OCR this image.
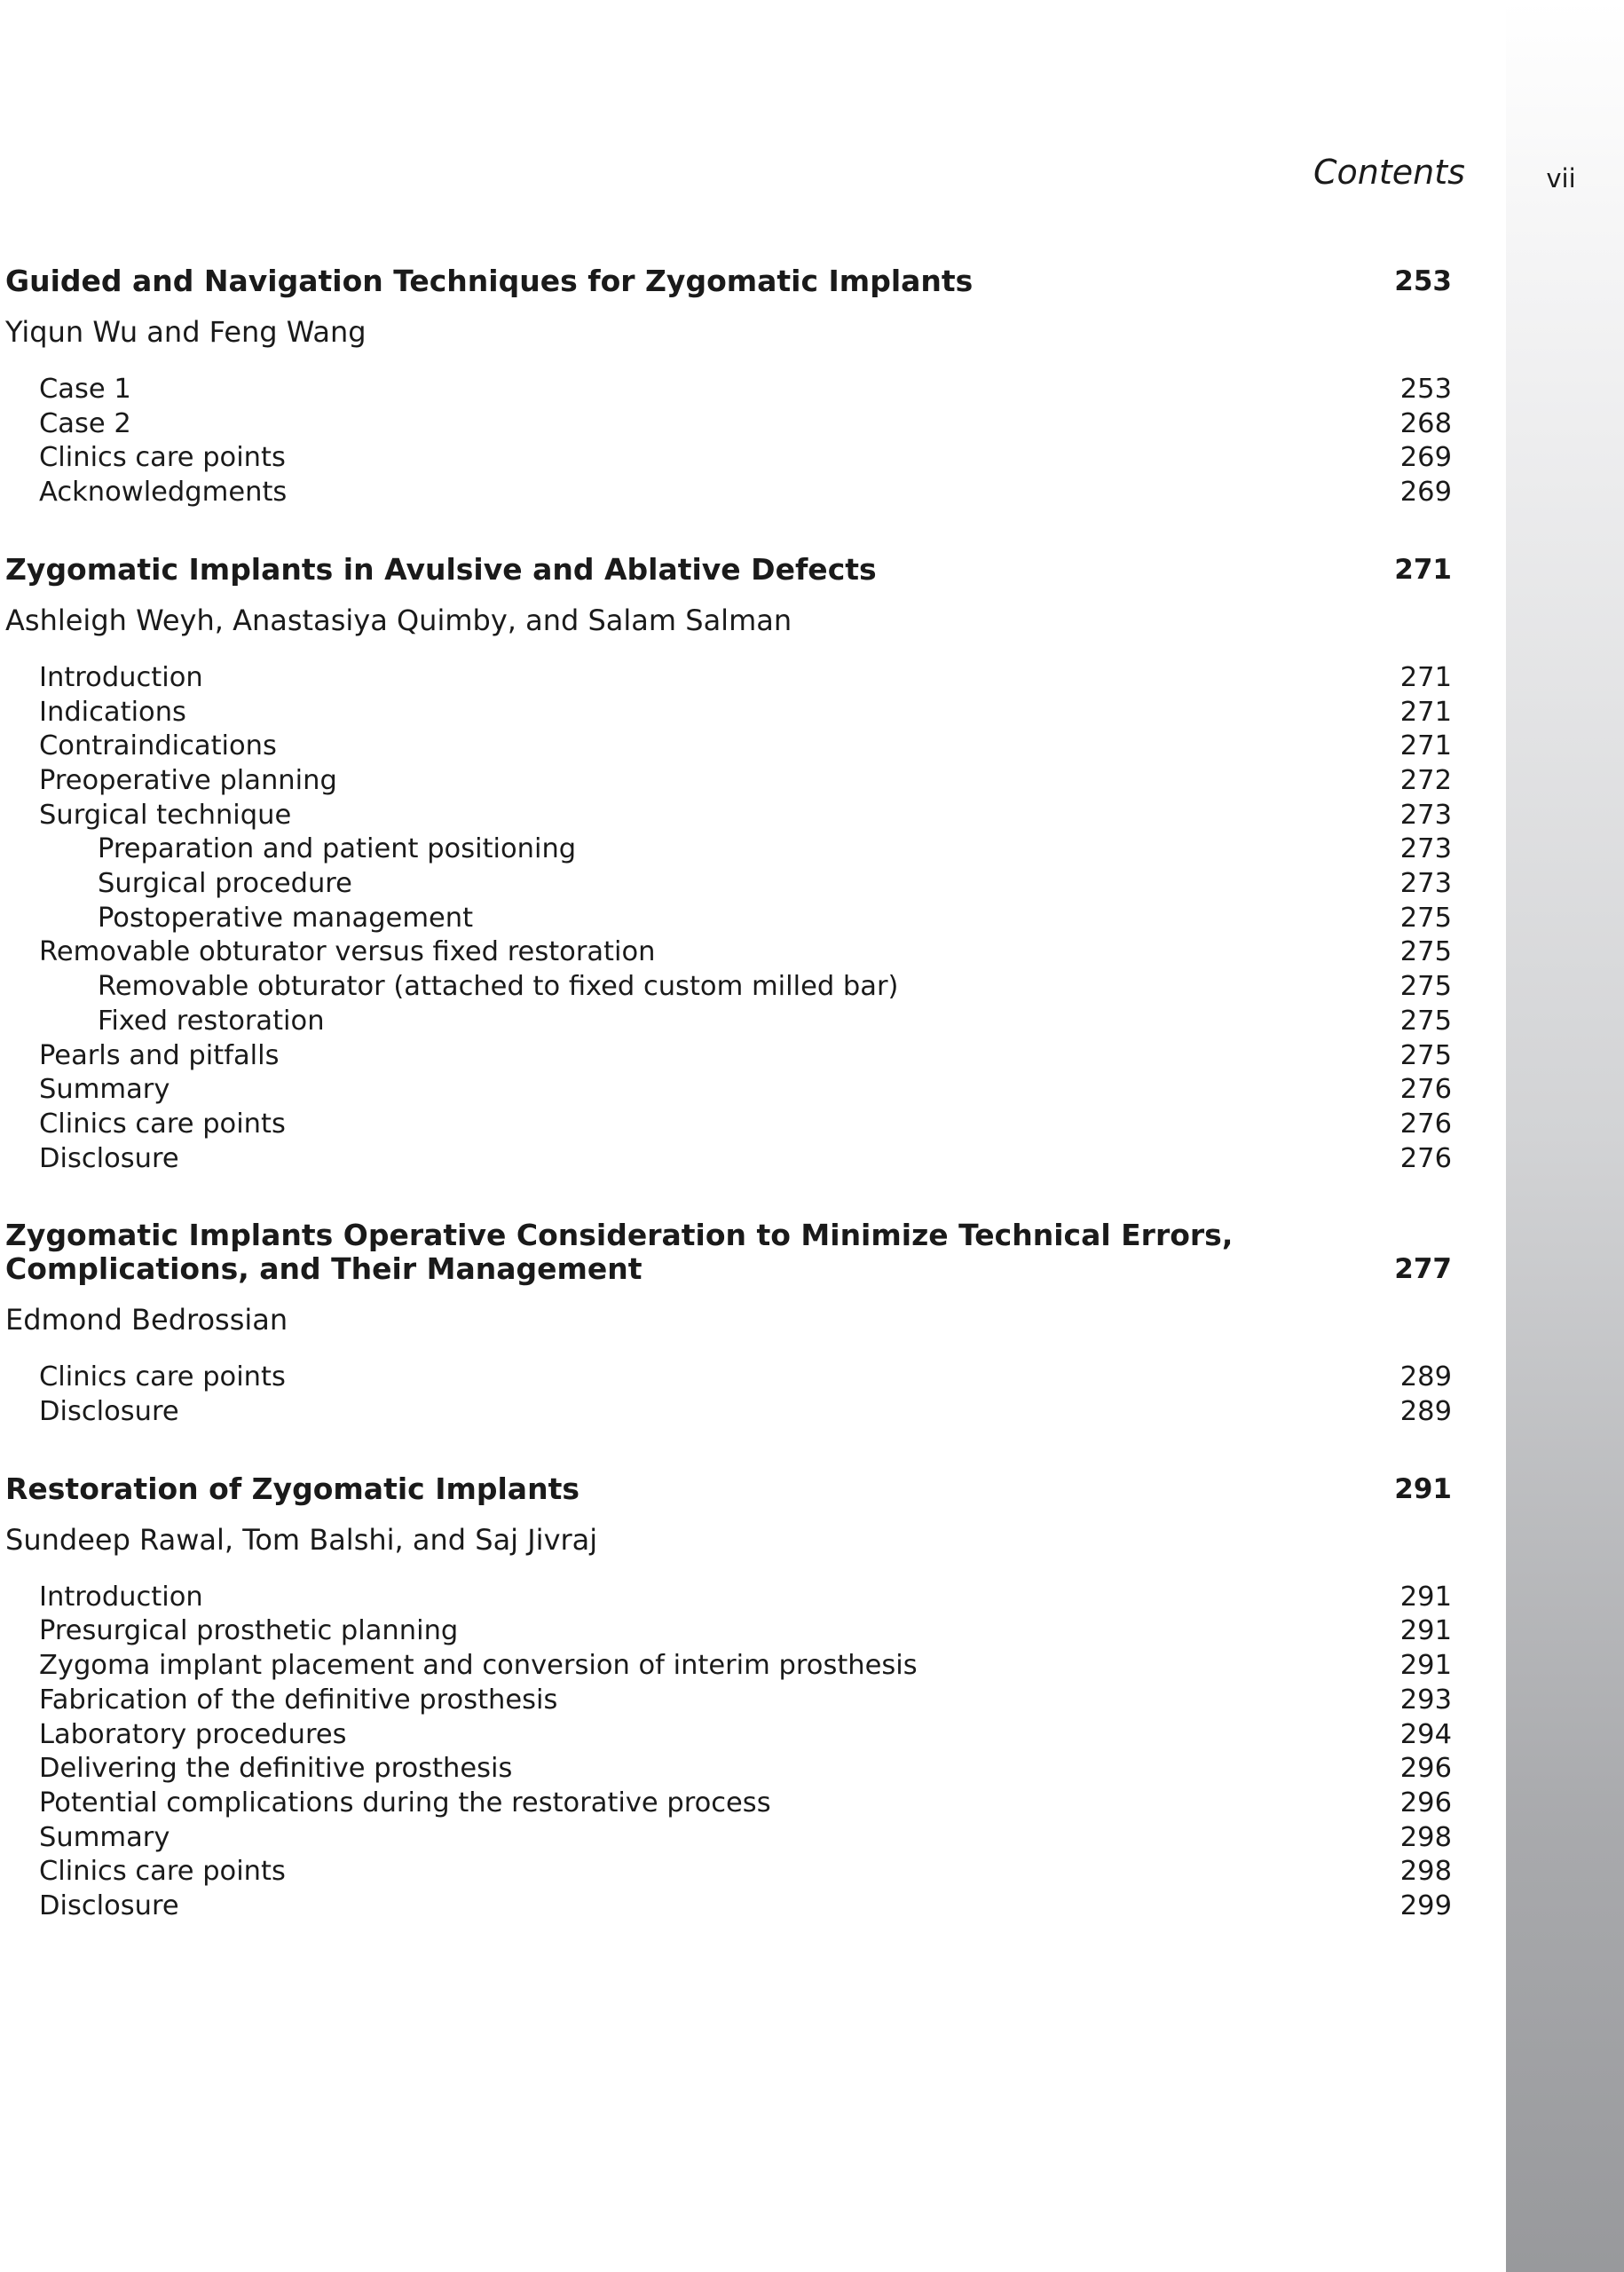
Contents	vii
Guided and Navigation Techniques for Zygomatic Implants	253
Yiqun Wu and Feng Wang
Case 1	253
Case 2	268
Clinics care points	269
Acknowledgments	269
Zygomatic Implants in Avulsive and Ablative Defects	271
Ashleigh Weyh, Anastasiya Quimby, and Salam Salman
Introduction	271
Indications	271
Contraindications	271
Preoperative planning	272
Surgical technique	273
Preparation and patient positioning	273
Surgical procedure	273
Postoperative management	275
Removable obturator versus fixed restoration	275
Removable obturator (attached to fixed custom milled bar)	275
Fixed restoration	275
Pearls and pitfalls	275
Summary	276
Clinics care points	276
Disclosure	276
Zygomatic Implants Operative Consideration to Minimize Technical Errors, Complications, and Their Management	277
Edmond Bedrossian
Clinics care points	289
Disclosure	289
Restoration of Zygomatic Implants	291
Sundeep Rawal, Tom Balshi, and Saj Jivraj
Introduction	291
Presurgical prosthetic planning	291
Zygoma implant placement and conversion of interim prosthesis	291
Fabrication of the definitive prosthesis	293
Laboratory procedures	294
Delivering the definitive prosthesis	296
Potential complications during the restorative process	296
Summary	298
Clinics care points	298
Disclosure	299
